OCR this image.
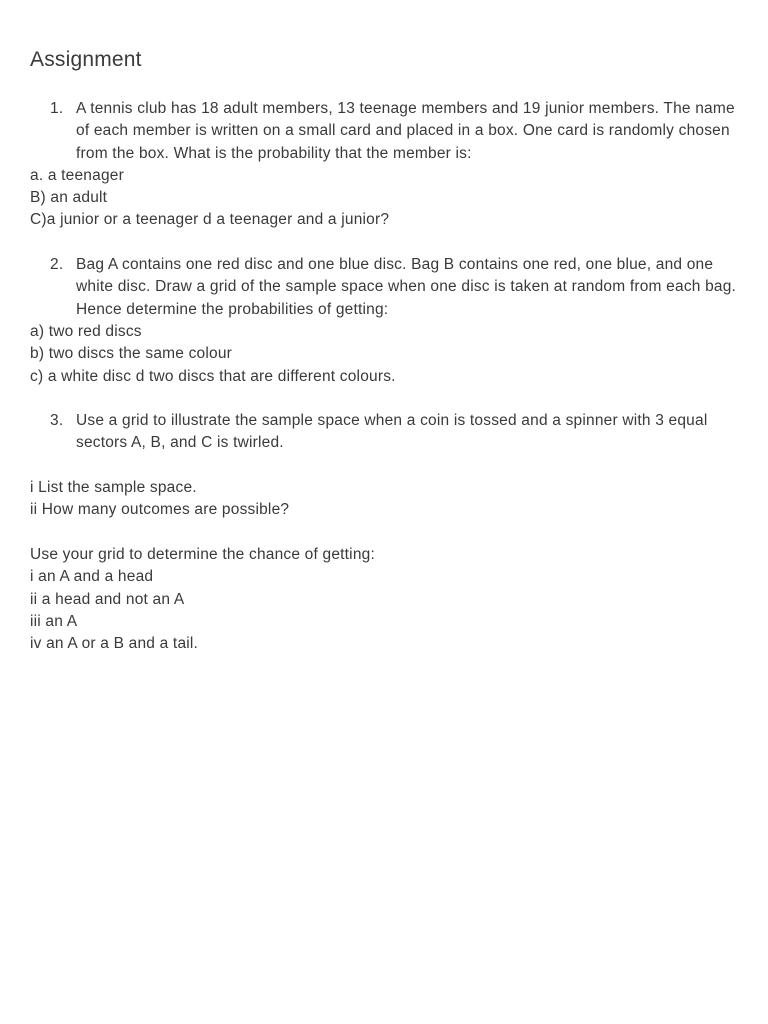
Assignment
1. A tennis club has 18 adult members, 13 teenage members and 19 junior members. The name of each member is written on a small card and placed in a box. One card is randomly chosen from the box. What is the probability that the member is:

a. a teenager

B) an adult

C)a junior or a teenager d a teenager and a junior?

2. Bag A contains one red disc and one blue disc. Bag B contains one red, one blue, and one white disc. Draw a grid of the sample space when one disc is taken at random from each bag. Hence determine the probabilities of getting:

a) two red discs

b) two discs the same colour

c) a white disc d two discs that are different colours.

3. Use a grid to illustrate the sample space when a coin is tossed and a spinner with 3 equal sectors A, B, and C is twirled.

i List the sample space.

ii How many outcomes are possible?

Use your grid to determine the chance of getting:

i an A and a head

ii a head and not an A

iii an A

iv an A or a B and a tail.
